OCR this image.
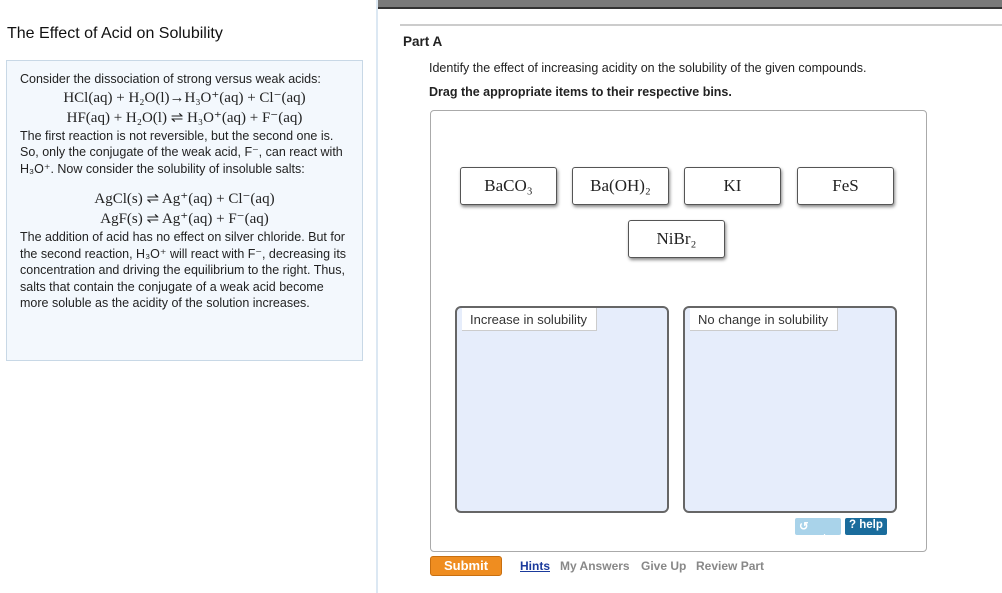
The Effect of Acid on Solubility
Consider the dissociation of strong versus weak acids:
HCl(aq) + H₂O(l)→H₃O⁺(aq) + Cl⁻(aq)
HF(aq) + H₂O(l) ⇌ H₃O⁺(aq) + F⁻(aq)
The first reaction is not reversible, but the second one is. So, only the conjugate of the weak acid, F⁻, can react with H₃O⁺. Now consider the solubility of insoluble salts:
AgCl(s) ⇌ Ag⁺(aq) + Cl⁻(aq)
AgF(s) ⇌ Ag⁺(aq) + F⁻(aq)
The addition of acid has no effect on silver chloride. But for the second reaction, H₃O⁺ will react with F⁻, decreasing its concentration and driving the equilibrium to the right. Thus, salts that contain the conjugate of a weak acid become more soluble as the acidity of the solution increases.
Part A
Identify the effect of increasing acidity on the solubility of the given compounds.
Drag the appropriate items to their respective bins.
BaCO₃	Ba(OH)₂	KI	FeS
NiBr₂
Increase in solubility	No change in solubility
↺ reset
? help
Submit	Hints My Answers Give Up Review Part
